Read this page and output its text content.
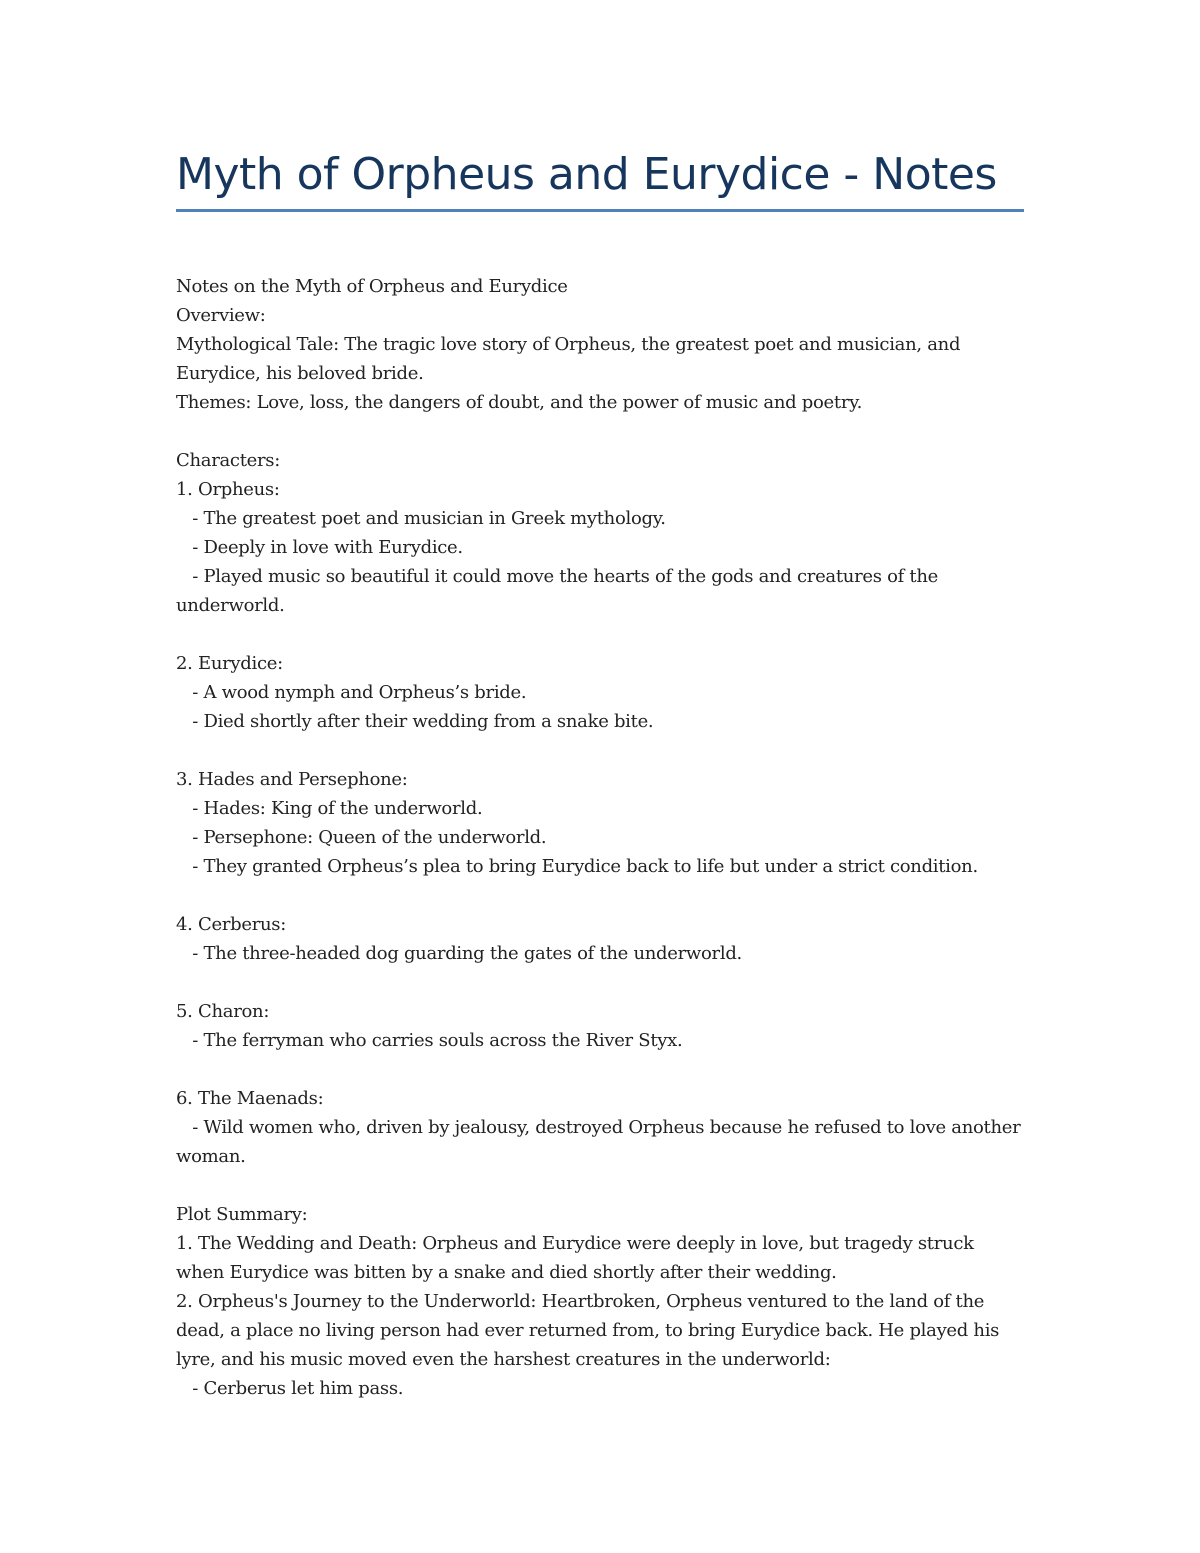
Myth of Orpheus and Eurydice - Notes

Notes on the Myth of Orpheus and Eurydice

Overview:

Mythological Tale: The tragic love story of Orpheus, the greatest poet and musician, and Eurydice, his beloved bride.

Themes: Love, loss, the dangers of doubt, and the power of music and poetry.

Characters:

1. Orpheus:

- The greatest poet and musician in Greek mythology.

- Deeply in love with Eurydice.

- Played music so beautiful it could move the hearts of the gods and creatures of the underworld.

2. Eurydice:

- A wood nymph and Orpheus’s bride.

- Died shortly after their wedding from a snake bite.

3. Hades and Persephone:

- Hades: King of the underworld.

- Persephone: Queen of the underworld.

- They granted Orpheus’s plea to bring Eurydice back to life but under a strict condition.

4. Cerberus:

- The three-headed dog guarding the gates of the underworld.

5. Charon:

- The ferryman who carries souls across the River Styx.

6. The Maenads:

- Wild women who, driven by jealousy, destroyed Orpheus because he refused to love another woman.

Plot Summary:

1. The Wedding and Death: Orpheus and Eurydice were deeply in love, but tragedy struck when Eurydice was bitten by a snake and died shortly after their wedding.

2. Orpheus's Journey to the Underworld: Heartbroken, Orpheus ventured to the land of the dead, a place no living person had ever returned from, to bring Eurydice back. He played his lyre, and his music moved even the harshest creatures in the underworld:

- Cerberus let him pass.
